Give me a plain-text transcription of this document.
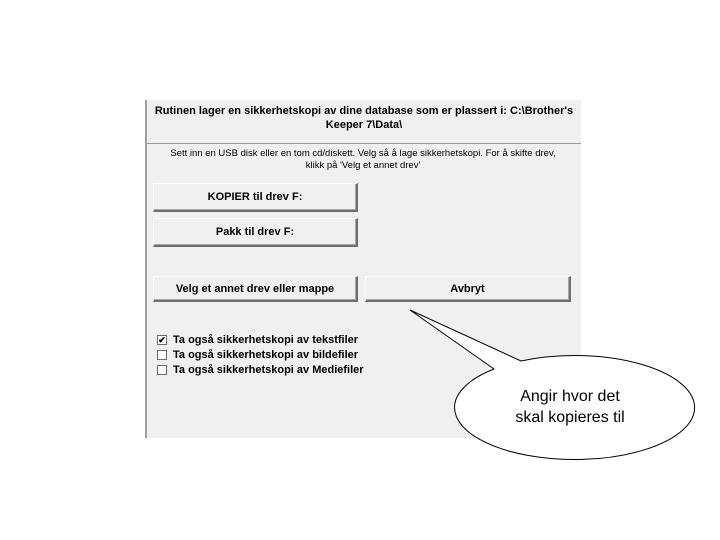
Rutinen lager en sikkerhetskopi av dine database som er plassert i: C:\Brother's
Keeper 7\Data\
Sett inn en USB disk eller en tom cd/diskett. Velg så å lage sikkerhetskopi. For å skifte drev,
klikk på 'Velg et annet drev'
KOPIER til drev F:
Pakk til drev F:
Velg et annet drev eller mappe	Avbryt
✔ Ta også sikkerhetskopi av tekstfiler
Ta også sikkerhetskopi av bildefiler
Ta også sikkerhetskopi av Mediefiler
Angir hvor det
skal kopieres til
